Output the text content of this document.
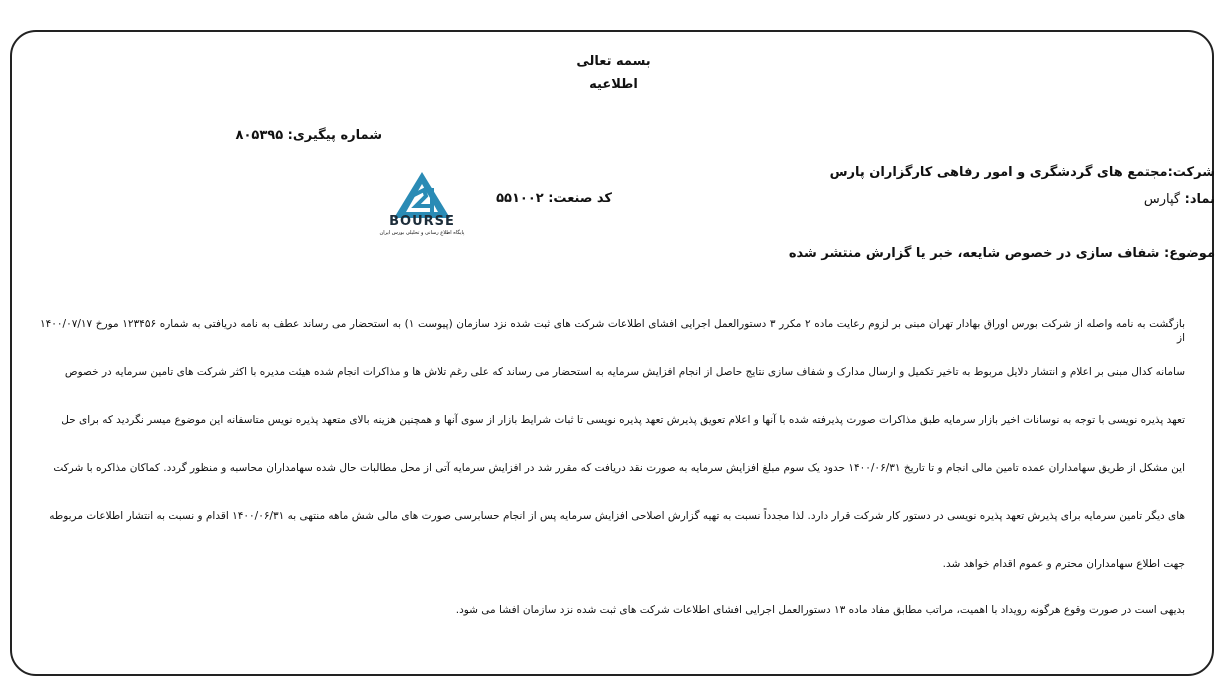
بسمه تعالی
اطلاعیه
شماره پیگیری: ۸۰۵۳۹۵
شرکت:مجتمع های گردشگری و امور رفاهی کارگزاران پارس
نماد: گپارس
کد صنعت: ۵۵۱۰۰۲
BOURSE
پایگاه اطلاع رسانی و تحلیلی بورس ایران
موضوع: شفاف سازی در خصوص شایعه، خبر یا گزارش منتشر شده
بازگشت به نامه واصله از شرکت بورس اوراق بهادار تهران مبنی بر لزوم رعایت ماده ۲ مکرر ۳ دستورالعمل اجرایی افشای اطلاعات شرکت های ثبت شده نزد سازمان (پیوست ۱) به استحضار می رساند عطف به نامه دریافتی به شماره ۱۲۳۴۵۶ مورخ ۱۴۰۰/۰۷/۱۷ از
سامانه کدال مبنی بر اعلام و انتشار دلایل مربوط به تاخیر تکمیل و ارسال مدارک و شفاف سازی نتایج حاصل از انجام افزایش سرمایه به استحضار می رساند که علی رغم تلاش ها و مذاکرات انجام شده هیئت مدیره با اکثر شرکت های تامین سرمایه در خصوص
تعهد پذیره نویسی با توجه به نوسانات اخیر بازار سرمایه طبق مذاکرات صورت پذیرفته شده با آنها و اعلام تعویق پذیرش تعهد پذیره نویسی تا ثبات شرایط بازار از سوی آنها و همچنین هزینه بالای متعهد پذیره نویس متاسفانه این موضوع میسر نگردید که برای حل
این مشکل از طریق سهامداران عمده تامین مالی انجام و تا تاریخ ۱۴۰۰/۰۶/۳۱ حدود یک سوم مبلغ افزایش سرمایه به صورت نقد دریافت که مقرر شد در افزایش سرمایه آتی از محل مطالبات حال شده سهامداران محاسبه و منظور گردد. کماکان مذاکره با شرکت
های دیگر تامین سرمایه برای پذیرش تعهد پذیره نویسی در دستور کار شرکت قرار دارد. لذا مجدداً نسبت به تهیه گزارش اصلاحی افزایش سرمایه پس از انجام حسابرسی صورت های مالی شش ماهه منتهی به ۱۴۰۰/۰۶/۳۱ اقدام و نسبت به انتشار اطلاعات مربوطه
جهت اطلاع سهامداران محترم و عموم اقدام خواهد شد.
بدیهی است در صورت وقوع هرگونه رویداد با اهمیت، مراتب مطابق مفاد ماده ۱۳ دستورالعمل اجرایی افشای اطلاعات شرکت های ثبت شده نزد سازمان افشا می شود.
